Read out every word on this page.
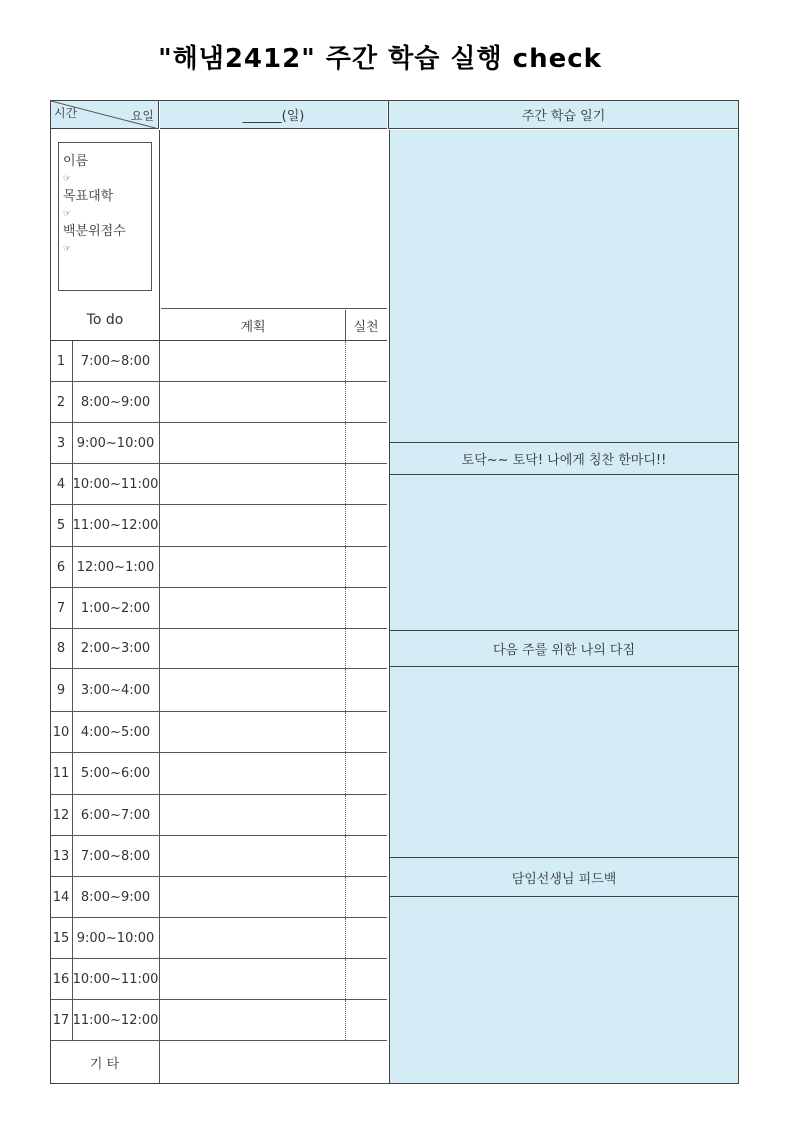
"해냄2412" 주간 학습 실행 check
시간	요일	______(일)	주간 학습 일기
토닥~~ 토닥! 나에게 칭찬 한마디!!
다음 주를 위한 나의 다짐
담임선생님 피드백
이름
☞
목표대학
☞
백분위점수
☞
To do	계획	실천
1	7:00~8:00
2	8:00~9:00
3 9:00~10:00
4 10:00~11:00
5 11:00~12:00
6 12:00~1:00
7	1:00~2:00
8	2:00~3:00
9	3:00~4:00
10 4:00~5:00
11 5:00~6:00
12 6:00~7:00
13 7:00~8:00
14 8:00~9:00
15 9:00~10:00
16 10:00~11:00
17 11:00~12:00
기 타
